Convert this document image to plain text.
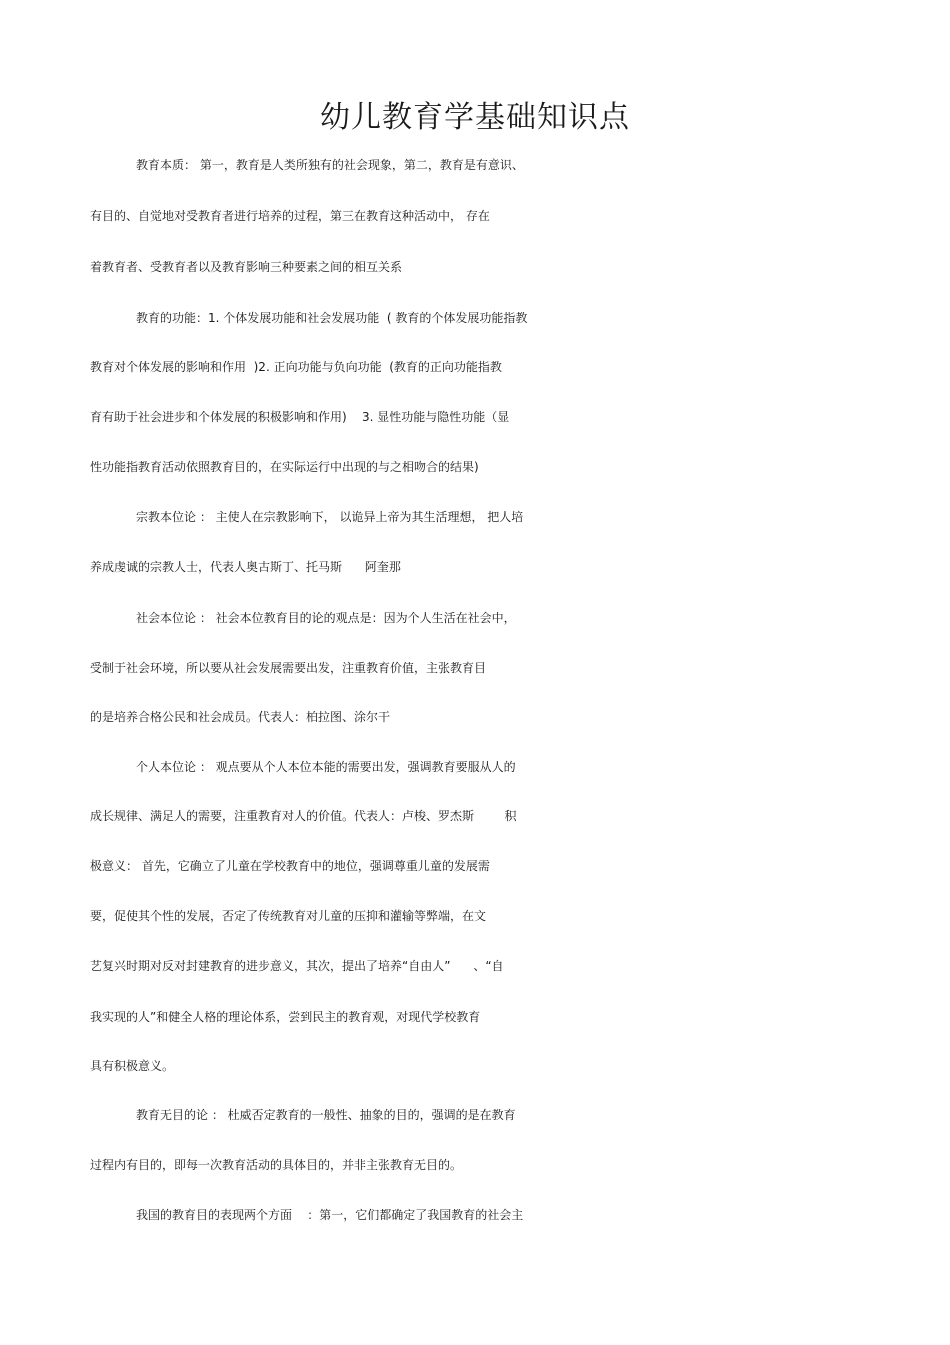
幼儿教育学基础知识点

教育本质： 第一，教育是人类所独有的社会现象，第二，教育是有意识、

有目的、自觉地对受教育者进行培养的过程，第三在教育这种活动中， 存在

着教育者、受教育者以及教育影响三种要素之间的相互关系

教育的功能：1. 个体发展功能和社会发展功能  ( 教育的个体发展功能指教

教育对个体发展的影响和作用  )2. 正向功能与负向功能  (教育的正向功能指教

育有助于社会进步和个体发展的积极影响和作用)    3. 显性功能与隐性功能（显

性功能指教育活动依照教育目的，在实际运行中出现的与之相吻合的结果)

宗教本位论 ： 主使人在宗教影响下， 以诡异上帝为其生活理想， 把人培

养成虔诚的宗教人士，代表人奥古斯丁、托马斯      阿奎那

社会本位论 ： 社会本位教育目的论的观点是：因为个人生活在社会中，

受制于社会环境，所以要从社会发展需要出发，注重教育价值，主张教育目

的是培养合格公民和社会成员。代表人：柏拉图、涂尔干

个人本位论 ： 观点要从个人本位本能的需要出发，强调教育要服从人的

成长规律、满足人的需要，注重教育对人的价值。代表人：卢梭、罗杰斯        积

极意义： 首先，它确立了儿童在学校教育中的地位，强调尊重儿童的发展需

要，促使其个性的发展，否定了传统教育对儿童的压抑和灌输等弊端，在文

艺复兴时期对反对封建教育的进步意义，其次，提出了培养“自由人”      、“自

我实现的人”和健全人格的理论体系，尝到民主的教育观，对现代学校教育

具有积极意义。

教育无目的论 ： 杜威否定教育的一般性、抽象的目的，强调的是在教育

过程内有目的，即每一次教育活动的具体目的，并非主张教育无目的。

我国的教育目的表现两个方面    ：第一，它们都确定了我国教育的社会主
